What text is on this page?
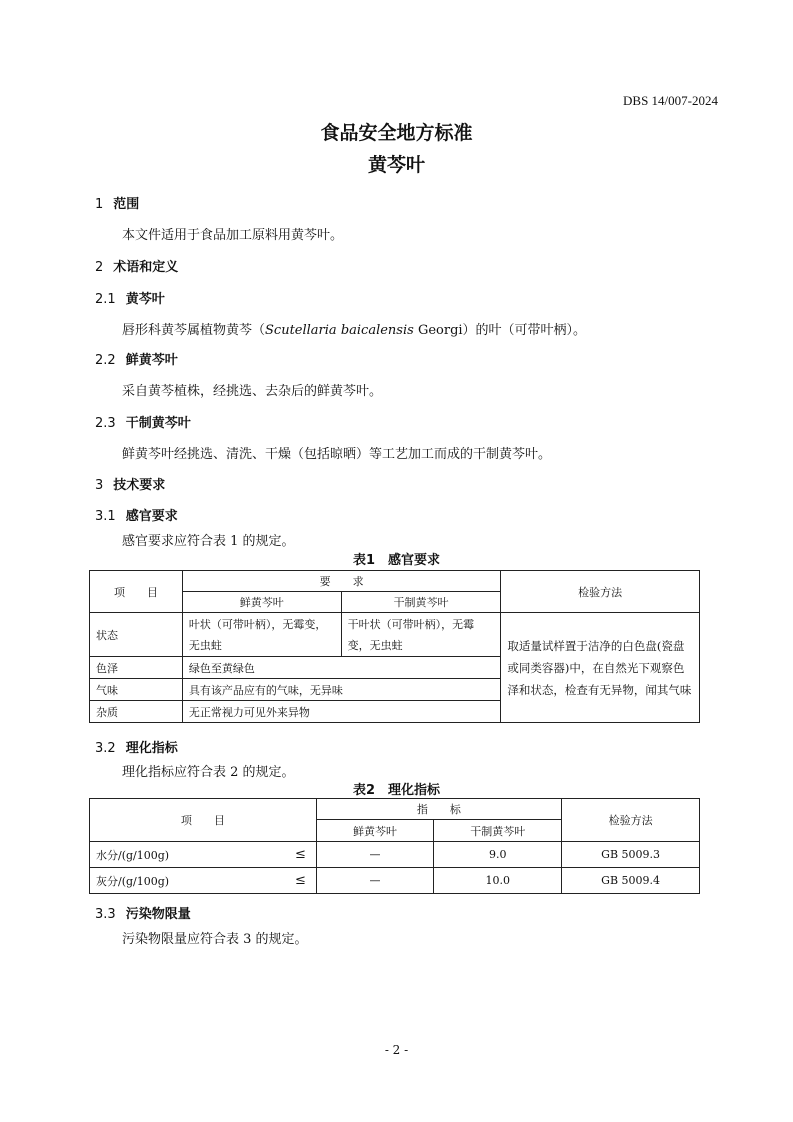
DBS 14/007-2024
食品安全地方标准
黄芩叶
1 范围
本文件适用于食品加工原料用黄芩叶。
2 术语和定义
2.1 黄芩叶
唇形科黄芩属植物黄芩（Scutellaria baicalensis Georgi）的叶（可带叶柄）。
2.2 鲜黄芩叶
采自黄芩植株，经挑选、去杂后的鲜黄芩叶。
2.3 干制黄芩叶
鲜黄芩叶经挑选、清洗、干燥（包括晾晒）等工艺加工而成的干制黄芩叶。
3 技术要求
3.1 感官要求
感官要求应符合表 1 的规定。
表1　感官要求
项　　目	要　　求		检验方法
	鲜黄芩叶	干制黄芩叶	
状态	叶状（可带叶柄），无霉变，无虫蛀	干叶状（可带叶柄），无霉变，无虫蛀	取适量试样置于洁净的白色盘(瓷盘或同类容器)中，在自然光下观察色泽和状态，检查有无异物，闻其气味
色泽	绿色至黄绿色		
气味	具有该产品应有的气味，无异味		
杂质	无正常视力可见外来异物		
3.2 理化指标
理化指标应符合表 2 的规定。
表2　理化指标
项　　目		指　　标		检验方法
		鲜黄芩叶	干制黄芩叶	
水分/(g/100g)	≤	—	9.0	GB 5009.3
灰分/(g/100g)	≤	—	10.0	GB 5009.4
3.3 污染物限量
污染物限量应符合表 3 的规定。
- 2 -
